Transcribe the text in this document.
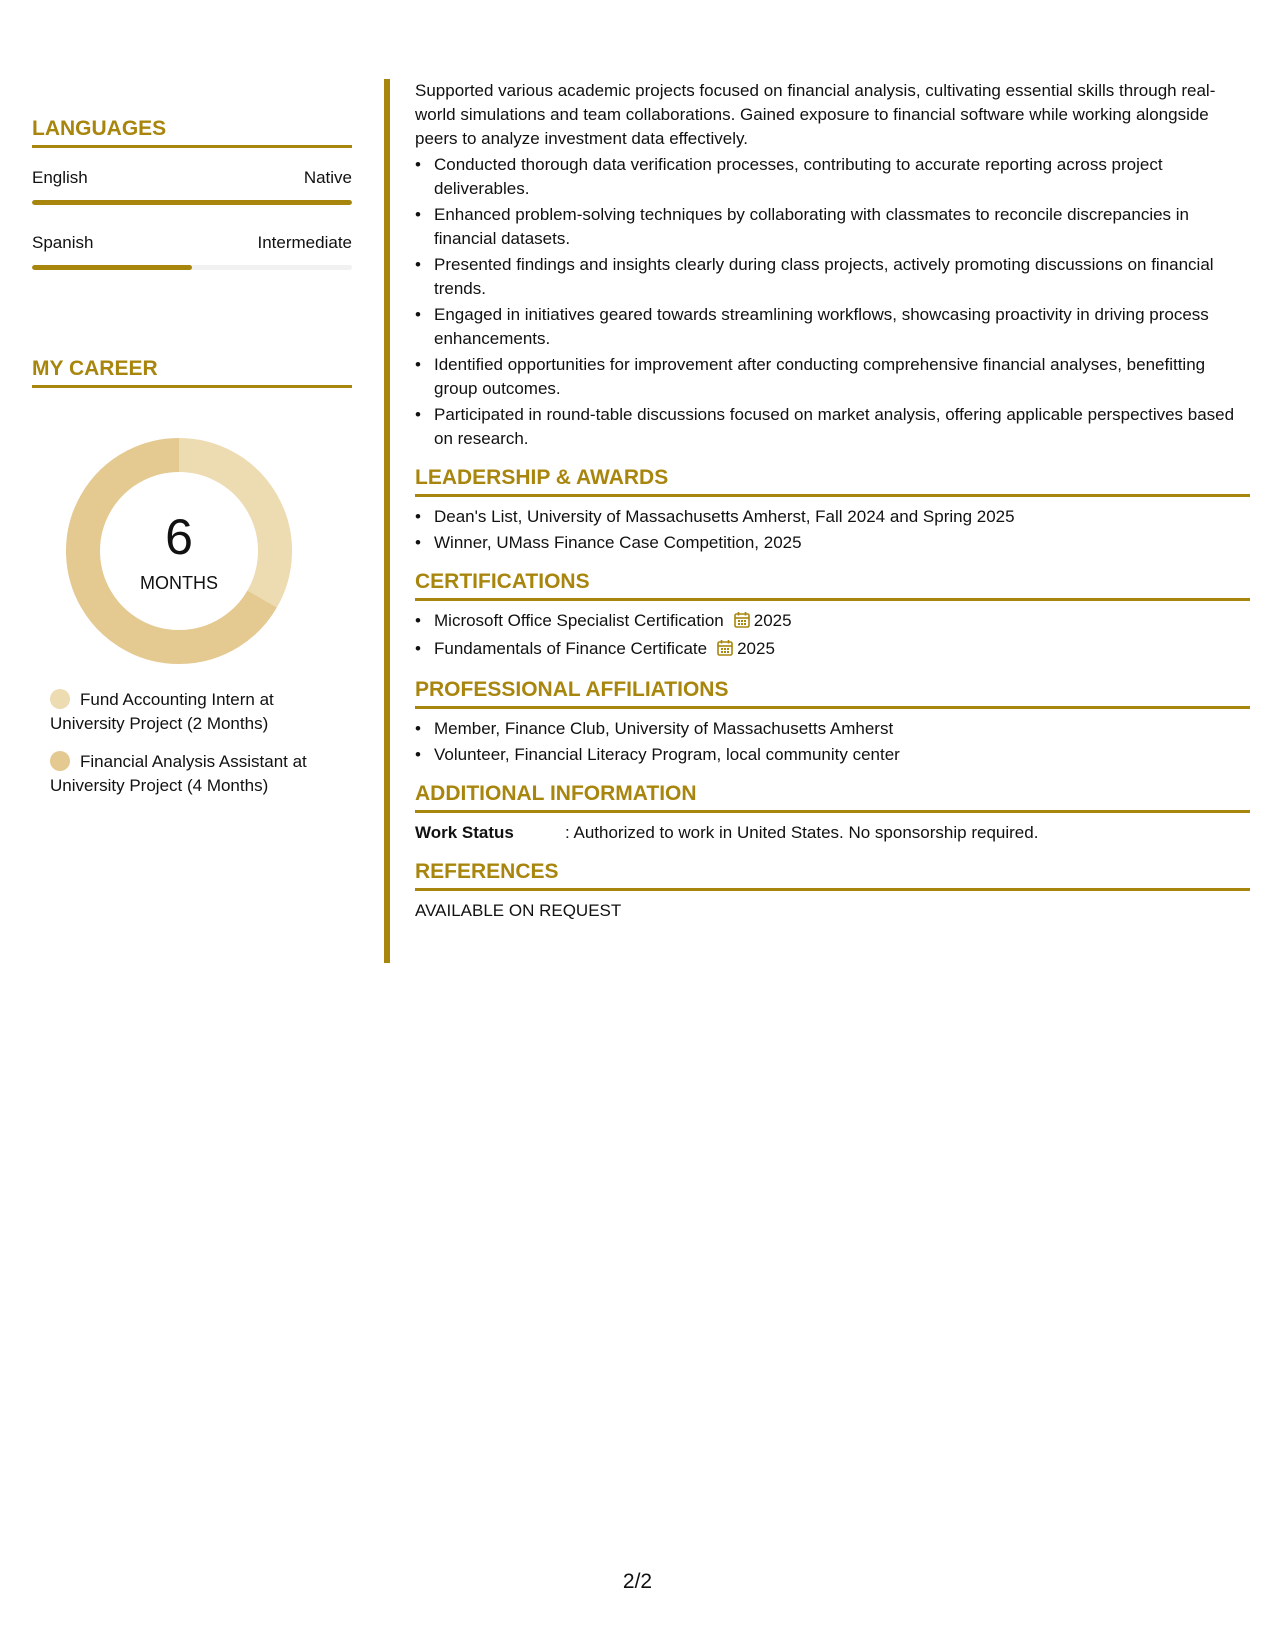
LANGUAGES
English	Native
Spanish	Intermediate
MY CAREER
6
MONTHS
Fund Accounting Intern at University Project (2 Months)
Financial Analysis Assistant at University Project (4 Months)

Supported various academic projects focused on financial analysis, cultivating essential skills through real-world simulations and team collaborations. Gained exposure to financial software while working alongside peers to analyze investment data effectively.

• Conducted thorough data verification processes, contributing to accurate reporting across project deliverables.
• Enhanced problem-solving techniques by collaborating with classmates to reconcile discrepancies in financial datasets.
• Presented findings and insights clearly during class projects, actively promoting discussions on financial trends.
• Engaged in initiatives geared towards streamlining workflows, showcasing proactivity in driving process enhancements.
• Identified opportunities for improvement after conducting comprehensive financial analyses, benefitting group outcomes.
• Participated in round-table discussions focused on market analysis, offering applicable perspectives based on research.
LEADERSHIP & AWARDS
• Dean's List, University of Massachusetts Amherst, Fall 2024 and Spring 2025
• Winner, UMass Finance Case Competition, 2025
CERTIFICATIONS
• Microsoft Office Specialist Certification 2025
• Fundamentals of Finance Certificate 2025
PROFESSIONAL AFFILIATIONS
• Member, Finance Club, University of Massachusetts Amherst
• Volunteer, Financial Literacy Program, local community center
ADDITIONAL INFORMATION
Work Status	: Authorized to work in United States. No sponsorship required.
REFERENCES

AVAILABLE ON REQUEST

2/2
